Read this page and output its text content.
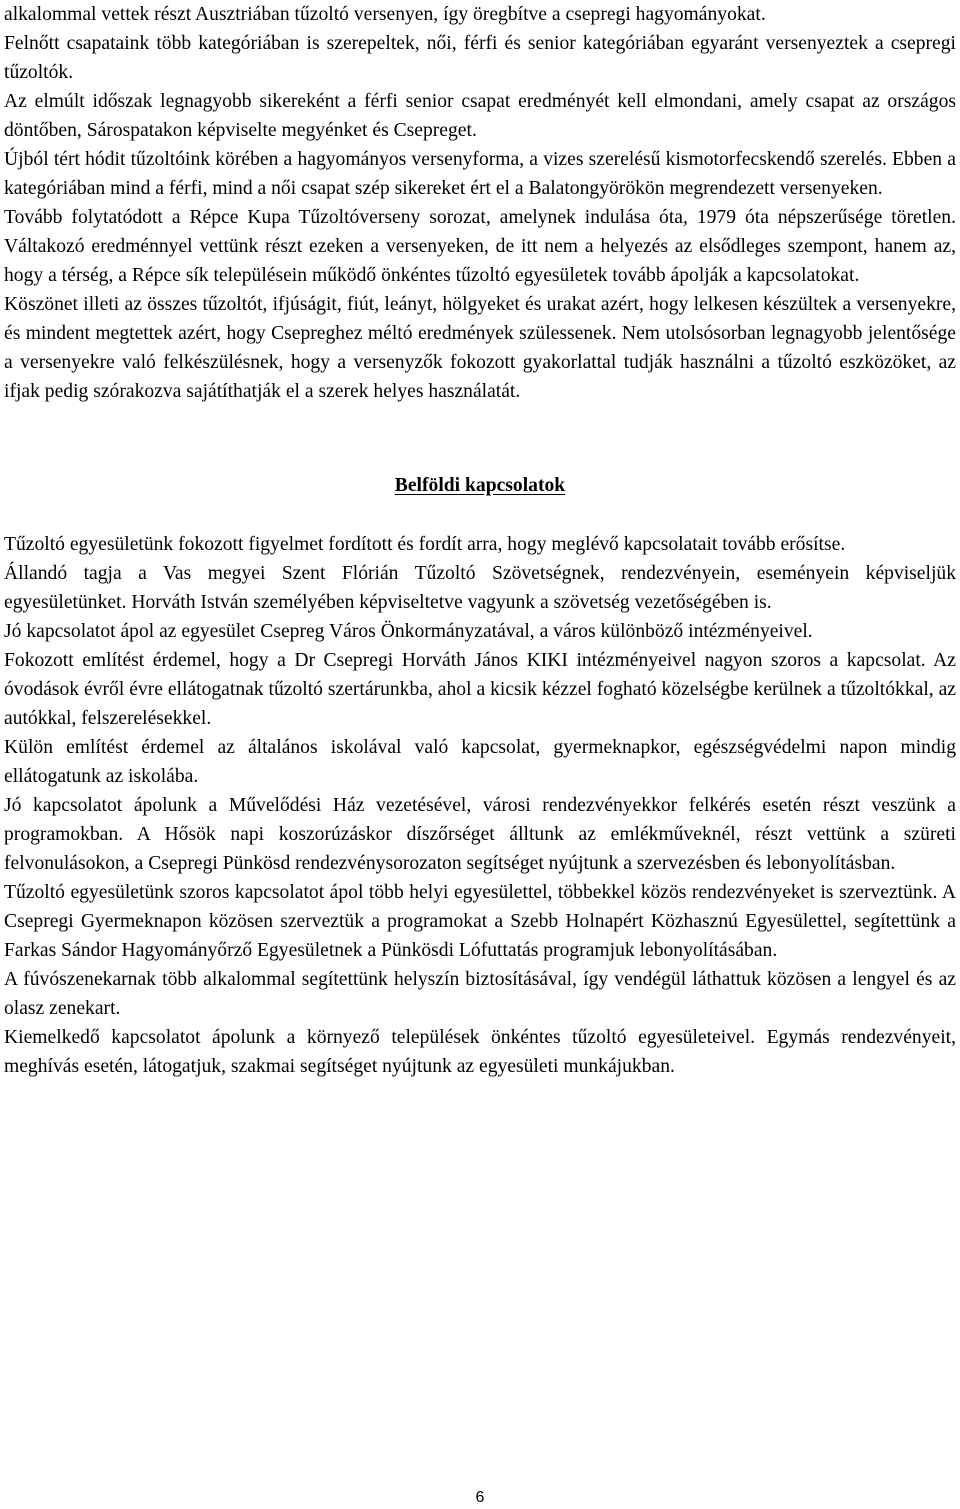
alkalommal vettek részt Ausztriában tűzoltó versenyen, így öregbítve a csepregi hagyományokat.

Felnőtt csapataink több kategóriában is szerepeltek, női, férfi és senior kategóriában egyaránt versenyeztek a csepregi tűzoltók.

Az elmúlt időszak legnagyobb sikereként a férfi senior csapat eredményét kell elmondani, amely csapat az országos döntőben, Sárospatakon képviselte megyénket és Csepreget.

Újból tért hódit tűzoltóink körében a hagyományos versenyforma, a vizes szerelésű kismotorfecskendő szerelés. Ebben a kategóriában mind a férfi, mind a női csapat szép sikereket ért el a Balatongyörökön megrendezett versenyeken.

Tovább folytatódott a Répce Kupa Tűzoltóverseny sorozat, amelynek indulása óta, 1979 óta népszerűsége töretlen. Váltakozó eredménnyel vettünk részt ezeken a versenyeken, de itt nem a helyezés az elsődleges szempont, hanem az, hogy a térség, a Répce sík településein működő önkéntes tűzoltó egyesületek tovább ápolják a kapcsolatokat.

Köszönet illeti az összes tűzoltót, ifjúságit, fiút, leányt, hölgyeket és urakat azért, hogy lelkesen készültek a versenyekre, és mindent megtettek azért, hogy Csepreghez méltó eredmények szülessenek. Nem utolsósorban legnagyobb jelentősége a versenyekre való felkészülésnek, hogy a versenyzők fokozott gyakorlattal tudják használni a tűzoltó eszközöket, az ifjak pedig szórakozva sajátíthatják el a szerek helyes használatát.

Belföldi kapcsolatok

Tűzoltó egyesületünk fokozott figyelmet fordított és fordít arra, hogy meglévő kapcsolatait tovább erősítse.

Állandó tagja a Vas megyei Szent Flórián Tűzoltó Szövetségnek, rendezvényein, eseményein képviseljük egyesületünket. Horváth István személyében képviseltetve vagyunk a szövetség vezetőségében is.

Jó kapcsolatot ápol az egyesület Csepreg Város Önkormányzatával, a város különböző intézményeivel.

Fokozott említést érdemel, hogy a Dr Csepregi Horváth János KIKI intézményeivel nagyon szoros a kapcsolat. Az óvodások évről évre ellátogatnak tűzoltó szertárunkba, ahol a kicsik kézzel fogható közelségbe kerülnek a tűzoltókkal, az autókkal, felszerelésekkel.

Külön említést érdemel az általános iskolával való kapcsolat, gyermeknapkor, egészségvédelmi napon mindig ellátogatunk az iskolába.

Jó kapcsolatot ápolunk a Művelődési Ház vezetésével, városi rendezvényekkor felkérés esetén részt veszünk a programokban. A Hősök napi koszorúzáskor díszőrséget álltunk az emlékműveknél, részt vettünk a szüreti felvonulásokon, a Csepregi Pünkösd rendezvénysorozaton segítséget nyújtunk a szervezésben és lebonyolításban.

Tűzoltó egyesületünk szoros kapcsolatot ápol több helyi egyesülettel, többekkel közös rendezvényeket is szerveztünk. A Csepregi Gyermeknapon közösen szerveztük a programokat a Szebb Holnapért Közhasznú Egyesülettel, segítettünk a Farkas Sándor Hagyományőrző Egyesületnek a Pünkösdi Lófuttatás programjuk lebonyolításában.

A fúvószenekarnak több alkalommal segítettünk helyszín biztosításával, így vendégül láthattuk közösen a lengyel és az olasz zenekart.

Kiemelkedő kapcsolatot ápolunk a környező települések önkéntes tűzoltó egyesületeivel. Egymás rendezvényeit, meghívás esetén, látogatjuk, szakmai segítséget nyújtunk az egyesületi munkájukban.

6
